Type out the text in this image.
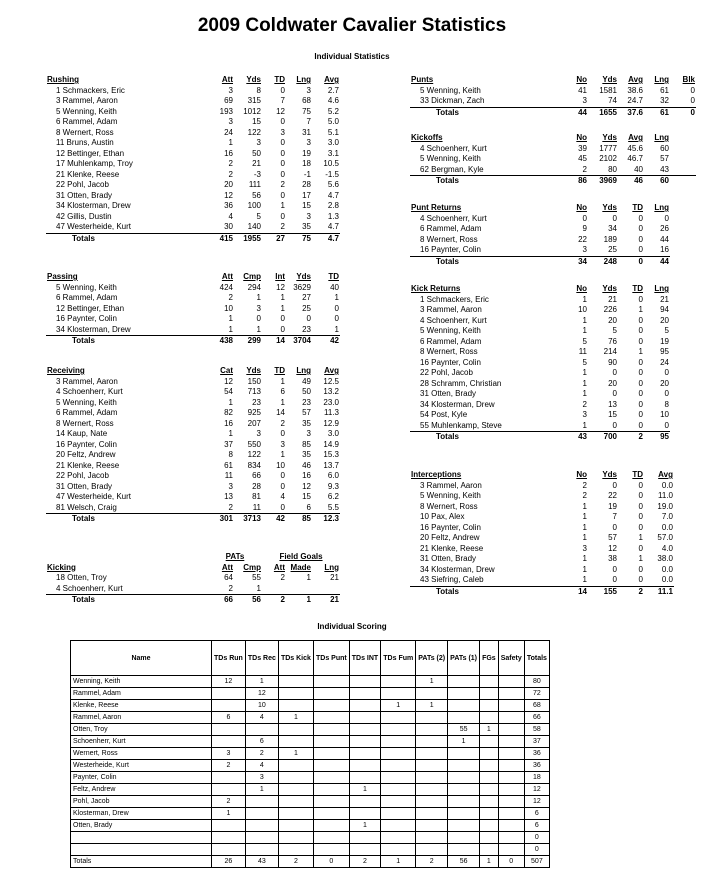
2009 Coldwater Cavalier Statistics
Individual Statistics
Rushing	Att	Yds	TD	Lng	Avg
1 Schmackers, Eric	3	8	0	3	2.7
3 Rammel, Aaron	69	315	7	68	4.6
5 Wenning, Keith	193	1012	12	75	5.2
6 Rammel, Adam	3	15	0	7	5.0
8 Wernert, Ross	24	122	3	31	5.1
11 Bruns, Austin	1	3	0	3	3.0
12 Bettinger, Ethan	16	50	0	19	3.1
17 Muhlenkamp, Troy	2	21	0	18	10.5
21 Klenke, Reese	2	-3	0	-1	-1.5
22 Pohl, Jacob	20	111	2	28	5.6
31 Otten, Brady	12	56	0	17	4.7
34 Klosterman, Drew	36	100	1	15	2.8
42 Gillis, Dustin	4	5	0	3	1.3
47 Westerheide, Kurt	30	140	2	35	4.7
Totals	415	1955	27	75	4.7
Passing	Att	Cmp	Int	Yds	TD
5 Wenning, Keith	424	294	12	3629	40
6 Rammel, Adam	2	1	1	27	1
12 Bettinger, Ethan	10	3	1	25	0
16 Paynter, Colin	1	0	0	0	0
34 Klosterman, Drew	1	1	0	23	1
Totals	438	299	14	3704	42
Receiving	Cat	Yds	TD	Lng	Avg
3 Rammel, Aaron	12	150	1	49	12.5
4 Schoenherr, Kurt	54	713	6	50	13.2
5 Wenning, Keith	1	23	1	23	23.0
6 Rammel, Adam	82	925	14	57	11.3
8 Wernert, Ross	16	207	2	35	12.9
14 Kaup, Nate	1	3	0	3	3.0
16 Paynter, Colin	37	550	3	85	14.9
20 Feltz, Andrew	8	122	1	35	15.3
21 Klenke, Reese	61	834	10	46	13.7
22 Pohl, Jacob	11	66	0	16	6.0
31 Otten, Brady	3	28	0	12	9.3
47 Westerheide, Kurt	13	81	4	15	6.2
81 Welsch, Craig	2	11	0	6	5.5
Totals	301	3713	42	85	12.3
	PATs		Field Goals		
Kicking	Att	Cmp	Att	Made	Lng
18 Otten, Troy	64	55	2	1	21
4 Schoenherr, Kurt	2	1			
Totals	66	56	2	1	21
Punts	No	Yds	Avg	Lng	Blk
5 Wenning, Keith	41	1581	38.6	61	0
33 Dickman, Zach	3	74	24.7	32	0
Totals	44	1655	37.6	61	0
Kickoffs	No	Yds	Avg	Lng	
4 Schoenherr, Kurt	39	1777	45.6	60	
5 Wenning, Keith	45	2102	46.7	57	
62 Bergman, Kyle	2	80	40	43	
Totals	86	3969	46	60	
Punt Returns	No	Yds	TD	Lng
4 Schoenherr, Kurt	0	0	0	0
6 Rammel, Adam	9	34	0	26
8 Wernert, Ross	22	189	0	44
16 Paynter, Colin	3	25	0	16
Totals	34	248	0	44
Kick Returns	No	Yds	TD	Lng
1 Schmackers, Eric	1	21	0	21
3 Rammel, Aaron	10	226	1	94
4 Schoenherr, Kurt	1	20	0	20
5 Wenning, Keith	1	5	0	5
6 Rammel, Adam	5	76	0	19
8 Wernert, Ross	11	214	1	95
16 Paynter, Colin	5	90	0	24
22 Pohl, Jacob	1	0	0	0
28 Schramm, Christian	1	20	0	20
31 Otten, Brady	1	0	0	0
34 Klosterman, Drew	2	13	0	8
54 Post, Kyle	3	15	0	10
55 Muhlenkamp, Steve	1	0	0	0
Totals	43	700	2	95
Interceptions	No	Yds	TD	Avg
3 Rammel, Aaron	2	0	0	0.0
5 Wenning, Keith	2	22	0	11.0
8 Wernert, Ross	1	19	0	19.0
10 Pax, Alex	1	7	0	7.0
16 Paynter, Colin	1	0	0	0.0
20 Feltz, Andrew	1	57	1	57.0
21 Klenke, Reese	3	12	0	4.0
31 Otten, Brady	1	38	1	38.0
34 Klosterman, Drew	1	0	0	0.0
43 Siefring, Caleb	1	0	0	0.0
Totals	14	155	2	11.1
Individual Scoring
Name	TDs Run	TDs Rec	TDs Kick	TDs Punt	TDs INT	TDs Fum	PATs (2)	PATs (1)	FGs	Safety	Totals
Wenning, Keith	12	1					1				80
Rammel, Adam		12									72
Klenke, Reese		10				1	1				68
Rammel, Aaron	6	4	1								66
Otten, Troy								55	1		58
Schoenherr, Kurt		6						1			37
Wernert, Ross	3	2	1								36
Westerheide, Kurt	2	4									36
Paynter, Colin		3									18
Feltz, Andrew		1			1						12
Pohl, Jacob	2										12
Klosterman, Drew	1										6
Otten, Brady					1						6
											0
											0
Totals	26	43	2	0	2	1	2	56	1	0	507
